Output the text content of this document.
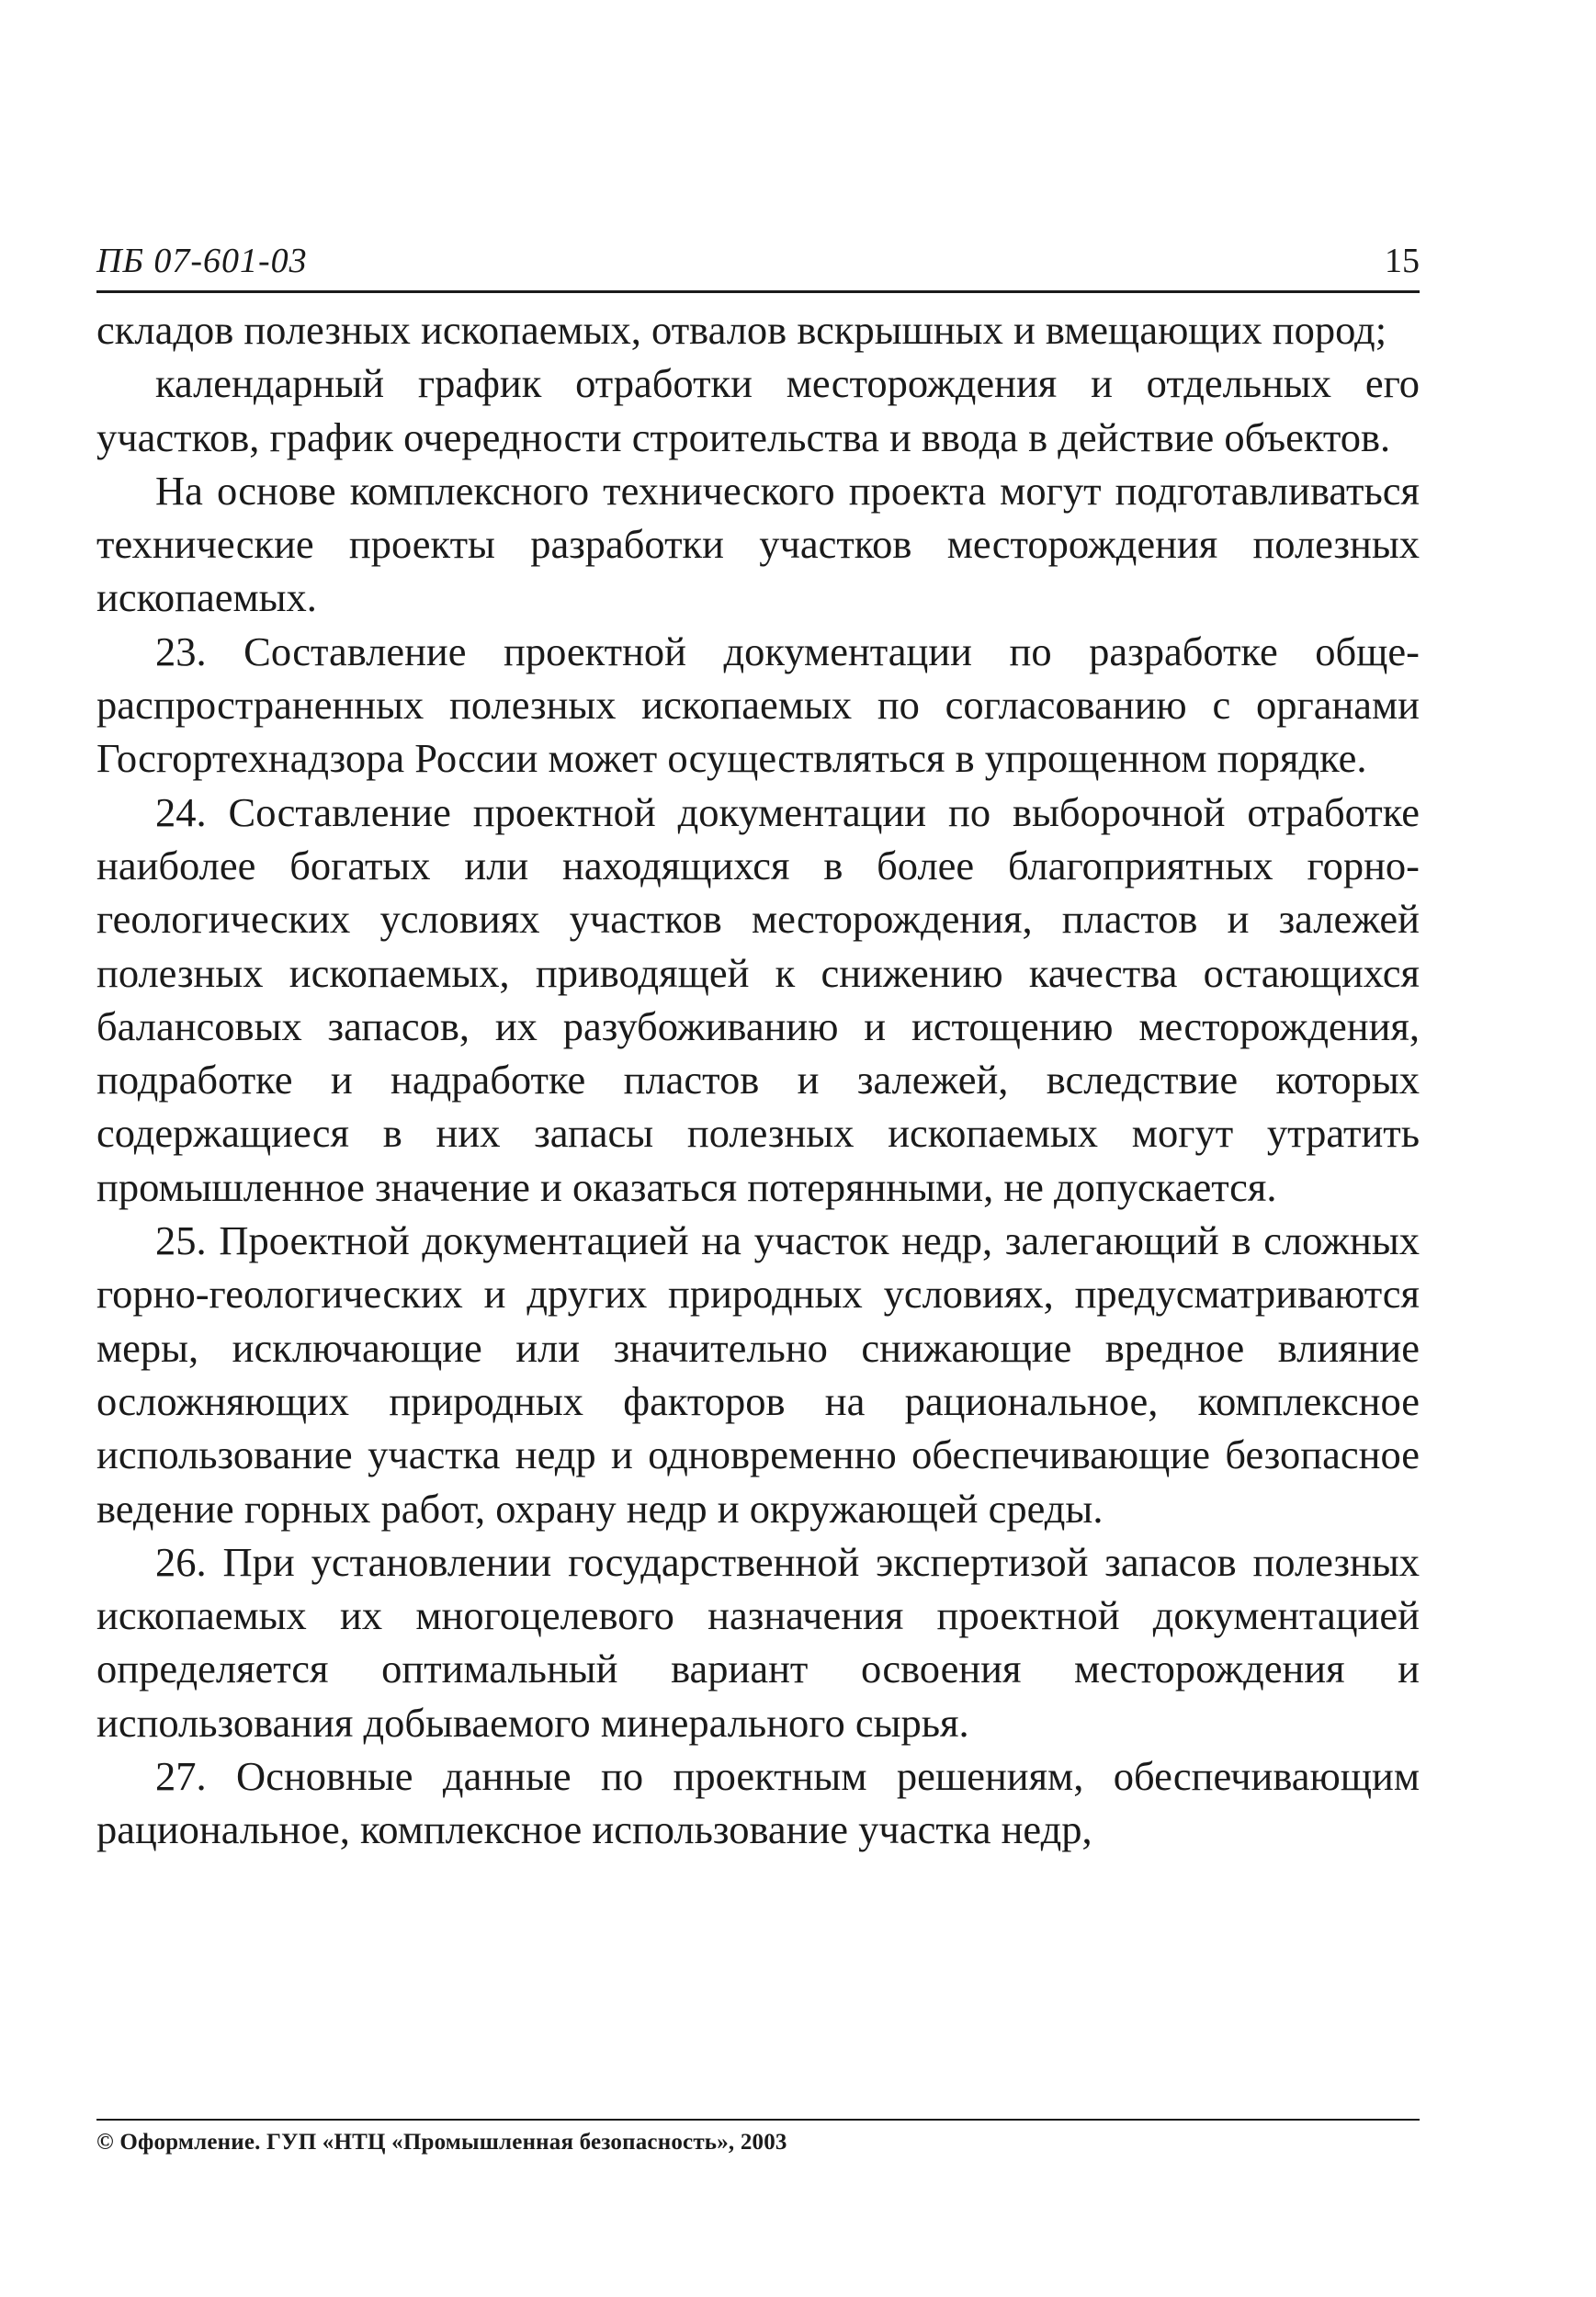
ПБ 07-601-03	15

складов полезных ископаемых, отвалов вскрышных и вмещающих пород;

календарный график отработки месторождения и отдельных его участков, график очередности строительства и ввода в действие объектов.

На основе комплексного технического проекта могут подготавливаться технические проекты разработки участков месторождения полезных ископаемых.

23. Составление проектной документации по разработке общераспространенных полезных ископаемых по согласованию с органами Госгортехнадзора России может осуществляться в упрощенном порядке.

24. Составление проектной документации по выборочной отработке наиболее богатых или находящихся в более благоприятных горно-геологических условиях участков месторождения, пластов и залежей полезных ископаемых, приводящей к снижению качества остающихся балансовых запасов, их разубоживанию и истощению месторождения, подработке и надработке пластов и залежей, вследствие которых содержащиеся в них запасы полезных ископаемых могут утратить промышленное значение и оказаться потерянными, не допускается.

25. Проектной документацией на участок недр, залегающий в сложных горно-геологических и других природных условиях, предусматриваются меры, исключающие или значительно снижающие вредное влияние осложняющих природных факторов на рациональное, комплексное использование участка недр и одновременно обеспечивающие безопасное ведение горных работ, охрану недр и окружающей среды.

26. При установлении государственной экспертизой запасов полезных ископаемых их многоцелевого назначения проектной документацией определяется оптимальный вариант освоения месторождения и использования добываемого минерального сырья.

27. Основные данные по проектным решениям, обеспечивающим рациональное, комплексное использование участка недр,

© Оформление. ГУП «НТЦ «Промышленная безопасность», 2003
